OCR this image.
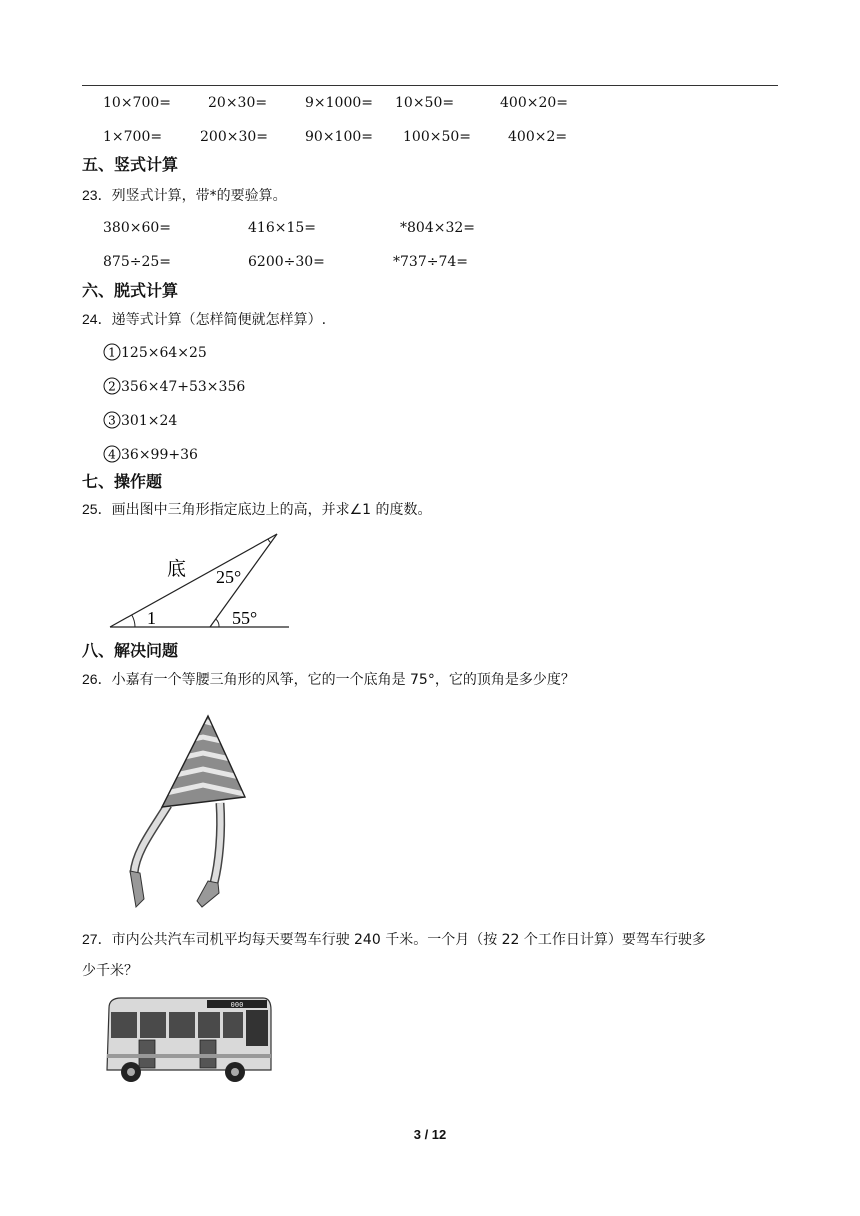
10×700=	20×30=	9×1000= 10×50=	400×20=
1×700=	200×30=	90×100= 100×50=	400×2=
五、竖式计算
23．列竖式计算，带*的要验算。
380×60=	416×15=	*804×32=
875÷25=	6200÷30=	*737÷74=
六、脱式计算
24．递等式计算（怎样简便就怎样算）.
1 125×64×25
2 356×47+53×356
3 301×24
4 36×99+36
七、操作题
25．画出图中三角形指定底边上的高，并求∠1 的度数。
底 25°
1	55°
八、解决问题
26．小嘉有一个等腰三角形的风筝，它的一个底角是 75°，它的顶角是多少度？
27．市内公共汽车司机平均每天要驾车行驶 240 千米。一个月（按 22 个工作日计算）要驾车行驶多
少千米？
000
3 / 12
